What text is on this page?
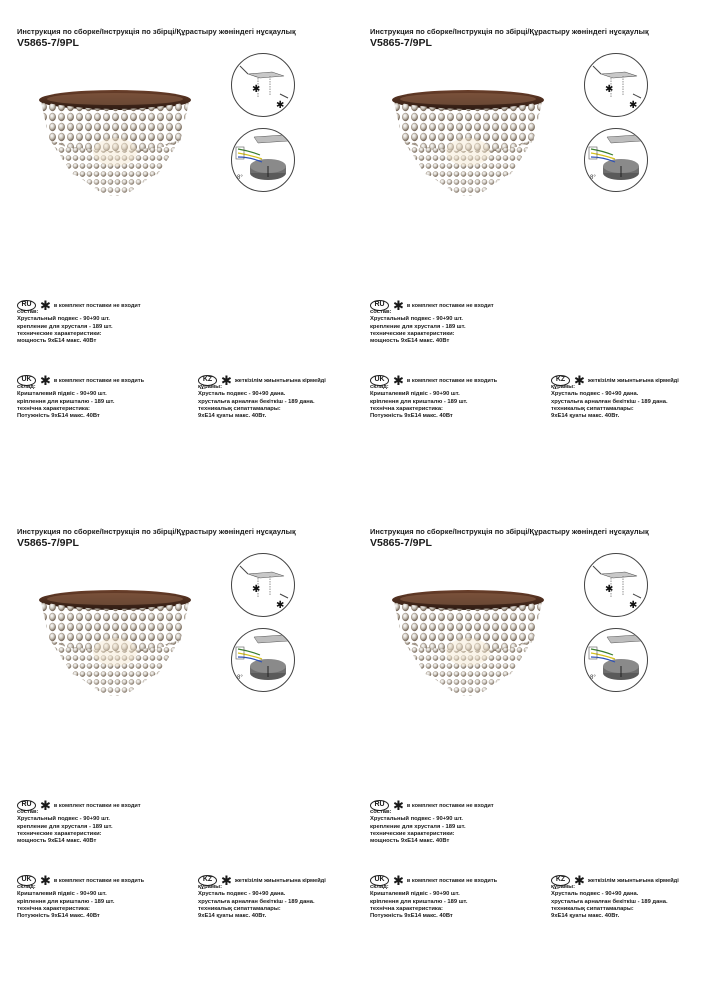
Инструкция по сборке/Інструкція по збірці/Құрастыру жөніндегі нұсқаулық
V5865-7/9PL
✱
✱
8°
RU ✱ в комплект поставки не входит
состав:
Хрустальный подвес - 90+90 шт.
крепление для хрусталя - 189 шт.
технические характеристики:
мощность 9xE14 макс. 40Вт
UK ✱ в комплект поставки не входить
склад:
Кришталевий підвіс - 90+90 шт.
кріплення для кришталю - 189 шт.
технічна характеристика:
Потужність 9xE14 макс. 40Вт
KZ ✱ жеткізілім жиынтығына кірмейді
құрамы:
Хрусталь подвес - 90+90 дана.
хрустальға арналған бекіткіш - 189 дана.
техникалық сипаттамалары:
9xE14 қуаты макс. 40Вт.
Инструкция по сборке/Інструкція по збірці/Құрастыру жөніндегі нұсқаулық
V5865-7/9PL
✱
✱
8°
RU ✱ в комплект поставки не входит
состав:
Хрустальный подвес - 90+90 шт.
крепление для хрусталя - 189 шт.
технические характеристики:
мощность 9xE14 макс. 40Вт
UK ✱ в комплект поставки не входить
склад:
Кришталевий підвіс - 90+90 шт.
кріплення для кришталю - 189 шт.
технічна характеристика:
Потужність 9xE14 макс. 40Вт
KZ ✱ жеткізілім жиынтығына кірмейді
құрамы:
Хрусталь подвес - 90+90 дана.
хрустальға арналған бекіткіш - 189 дана.
техникалық сипаттамалары:
9xE14 қуаты макс. 40Вт.
Инструкция по сборке/Інструкція по збірці/Құрастыру жөніндегі нұсқаулық
V5865-7/9PL
✱
✱
8°
RU ✱ в комплект поставки не входит
состав:
Хрустальный подвес - 90+90 шт.
крепление для хрусталя - 189 шт.
технические характеристики:
мощность 9xE14 макс. 40Вт
UK ✱ в комплект поставки не входить
склад:
Кришталевий підвіс - 90+90 шт.
кріплення для кришталю - 189 шт.
технічна характеристика:
Потужність 9xE14 макс. 40Вт
KZ ✱ жеткізілім жиынтығына кірмейді
құрамы:
Хрусталь подвес - 90+90 дана.
хрустальға арналған бекіткіш - 189 дана.
техникалық сипаттамалары:
9xE14 қуаты макс. 40Вт.
Инструкция по сборке/Інструкція по збірці/Құрастыру жөніндегі нұсқаулық
V5865-7/9PL
✱
✱
8°
RU ✱ в комплект поставки не входит
состав:
Хрустальный подвес - 90+90 шт.
крепление для хрусталя - 189 шт.
технические характеристики:
мощность 9xE14 макс. 40Вт
UK ✱ в комплект поставки не входить
склад:
Кришталевий підвіс - 90+90 шт.
кріплення для кришталю - 189 шт.
технічна характеристика:
Потужність 9xE14 макс. 40Вт
KZ ✱ жеткізілім жиынтығына кірмейді
құрамы:
Хрусталь подвес - 90+90 дана.
хрустальға арналған бекіткіш - 189 дана.
техникалық сипаттамалары:
9xE14 қуаты макс. 40Вт.
